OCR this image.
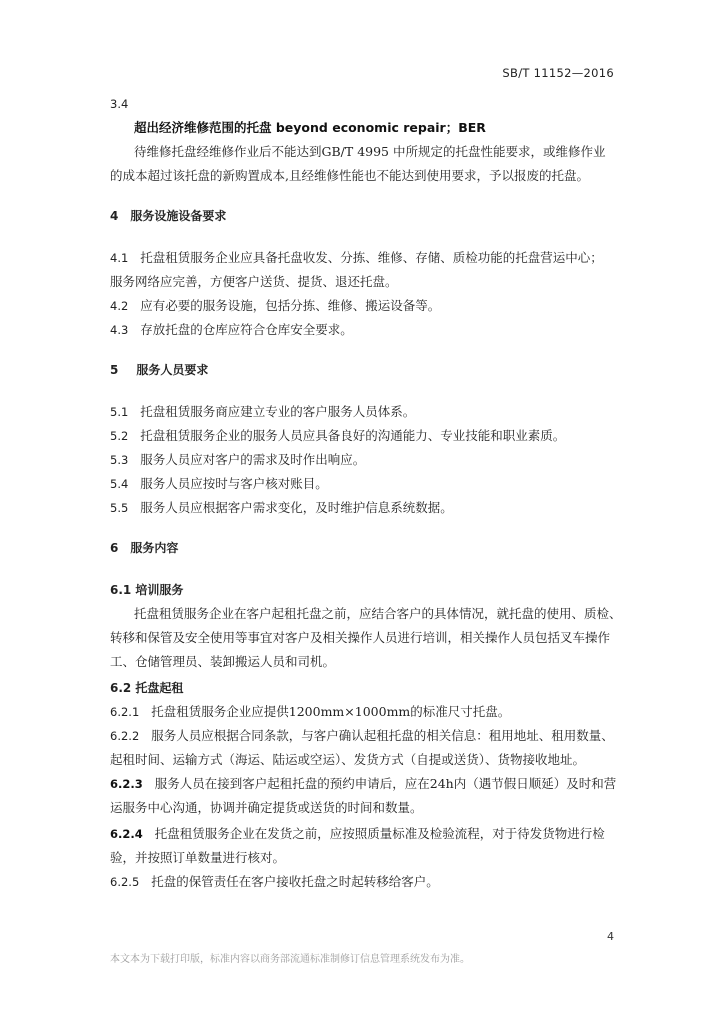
SB/T 11152—2016
3.4
超出经济维修范围的托盘 beyond economic repair；BER
待维修托盘经维修作业后不能达到GB/T 4995 中所规定的托盘性能要求，或维修作业
的成本超过该托盘的新购置成本,且经维修性能也不能达到使用要求，予以报废的托盘。
4 服务设施设备要求
4.1 托盘租赁服务企业应具备托盘收发、分拣、维修、存储、质检功能的托盘营运中心；
服务网络应完善，方便客户送货、提货、退还托盘。
4.2 应有必要的服务设施，包括分拣、维修、搬运设备等。
4.3 存放托盘的仓库应符合仓库安全要求。
5 服务人员要求
5.1 托盘租赁服务商应建立专业的客户服务人员体系。
5.2 托盘租赁服务企业的服务人员应具备良好的沟通能力、专业技能和职业素质。
5.3 服务人员应对客户的需求及时作出响应。
5.4 服务人员应按时与客户核对账目。
5.5 服务人员应根据客户需求变化，及时维护信息系统数据。
6 服务内容
6.1 培训服务
托盘租赁服务企业在客户起租托盘之前，应结合客户的具体情况，就托盘的使用、质检、
转移和保管及安全使用等事宜对客户及相关操作人员进行培训，相关操作人员包括叉车操作
工、仓储管理员、装卸搬运人员和司机。
6.2 托盘起租
6.2.1 托盘租赁服务企业应提供1200mm×1000mm的标准尺寸托盘。
6.2.2 服务人员应根据合同条款，与客户确认起租托盘的相关信息：租用地址、租用数量、
起租时间、运输方式（海运、陆运或空运）、发货方式（自提或送货）、货物接收地址。
6.2.3 服务人员在接到客户起租托盘的预约申请后，应在24h内（遇节假日顺延）及时和营
运服务中心沟通，协调并确定提货或送货的时间和数量。
6.2.4 托盘租赁服务企业在发货之前，应按照质量标准及检验流程，对于待发货物进行检
验，并按照订单数量进行核对。
6.2.5 托盘的保管责任在客户接收托盘之时起转移给客户。
4
本文本为下载打印版，标准内容以商务部流通标准制修订信息管理系统发布为准。
